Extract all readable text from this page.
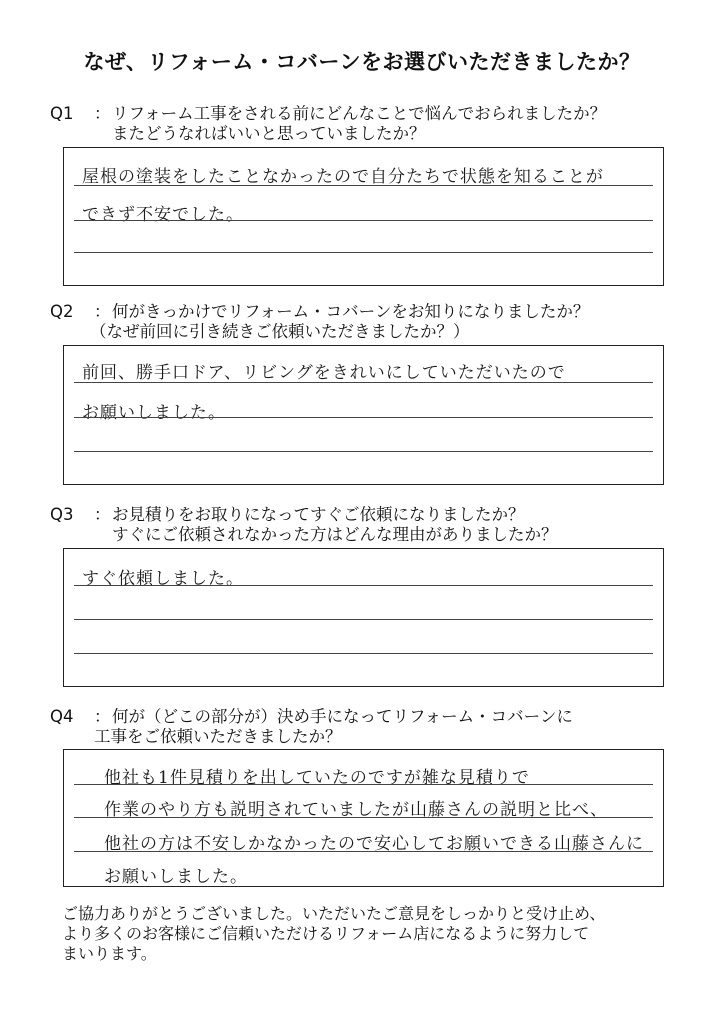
なぜ、リフォーム・コバーンをお選びいただきましたか？
Q1 ：リフォーム工事をされる前にどんなことで悩んでおられましたか？
またどうなればいいと思っていましたか？
屋根の塗装をしたことなかったので自分たちで状態を知ることが
できず不安でした。
Q2 ：何がきっかけでリフォーム・コバーンをお知りになりましたか？
（なぜ前回に引き続きご依頼いただきましたか？）
前回、勝手口ドア、リビングをきれいにしていただいたので
お願いしました。
Q3 ：お見積りをお取りになってすぐご依頼になりましたか？
すぐにご依頼されなかった方はどんな理由がありましたか？
すぐ依頼しました。
Q4 ：何が（どこの部分が）決め手になってリフォーム・コバーンに
工事をご依頼いただきましたか？
他社も1件見積りを出していたのですが雑な見積りで
作業のやり方も説明されていましたが山藤さんの説明と比べ、
他社の方は不安しかなかったので安心してお願いできる山藤さんに
お願いしました。
ご協力ありがとうございました。いただいたご意見をしっかりと受け止め、
より多くのお客様にご信頼いただけるリフォーム店になるように努力して
まいります。
